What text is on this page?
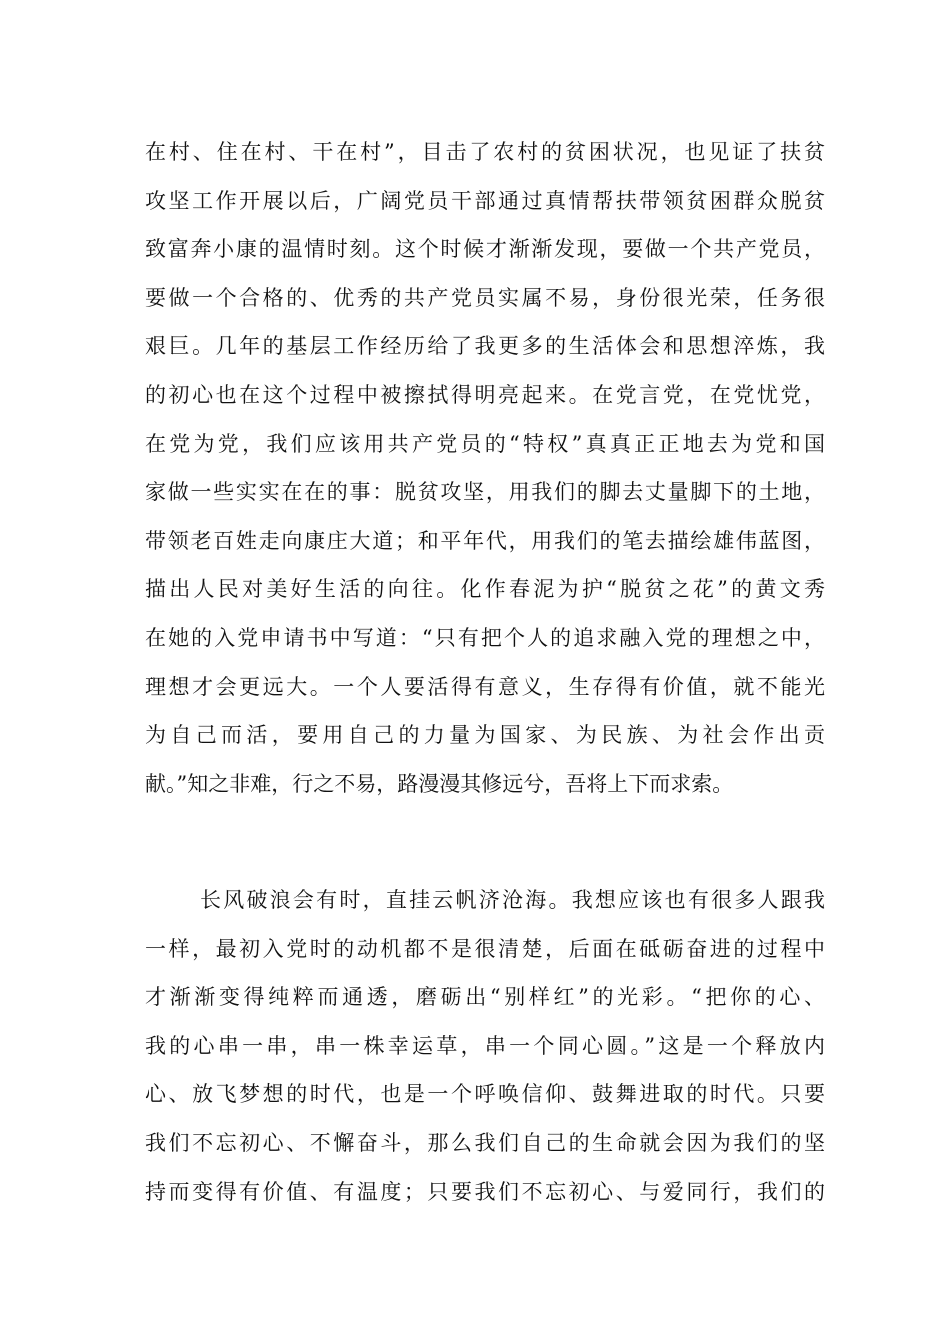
在村、住在村、干在村”，目击了农村的贫困状况，也见证了扶贫
攻坚工作开展以后，广阔党员干部通过真情帮扶带领贫困群众脱贫
致富奔小康的温情时刻。这个时候才渐渐发现，要做一个共产党员，
要做一个合格的、优秀的共产党员实属不易，身份很光荣，任务很
艰巨。几年的基层工作经历给了我更多的生活体会和思想淬炼，我
的初心也在这个过程中被擦拭得明亮起来。在党言党，在党忧党，
在党为党，我们应该用共产党员的“特权”真真正正地去为党和国
家做一些实实在在的事：脱贫攻坚，用我们的脚去丈量脚下的土地，
带领老百姓走向康庄大道；和平年代，用我们的笔去描绘雄伟蓝图，
描出人民对美好生活的向往。化作春泥为护“脱贫之花”的黄文秀
在她的入党申请书中写道：“只有把个人的追求融入党的理想之中，
理想才会更远大。一个人要活得有意义，生存得有价值，就不能光
为自己而活，要用自己的力量为国家、为民族、为社会作出贡
献。”知之非难，行之不易，路漫漫其修远兮，吾将上下而求索。
长风破浪会有时，直挂云帆济沧海。我想应该也有很多人跟我
一样，最初入党时的动机都不是很清楚，后面在砥砺奋进的过程中
才渐渐变得纯粹而通透，磨砺出“别样红”的光彩。“把你的心、
我的心串一串，串一株幸运草，串一个同心圆。”这是一个释放内
心、放飞梦想的时代，也是一个呼唤信仰、鼓舞进取的时代。只要
我们不忘初心、不懈奋斗，那么我们自己的生命就会因为我们的坚
持而变得有价值、有温度；只要我们不忘初心、与爱同行，我们的
